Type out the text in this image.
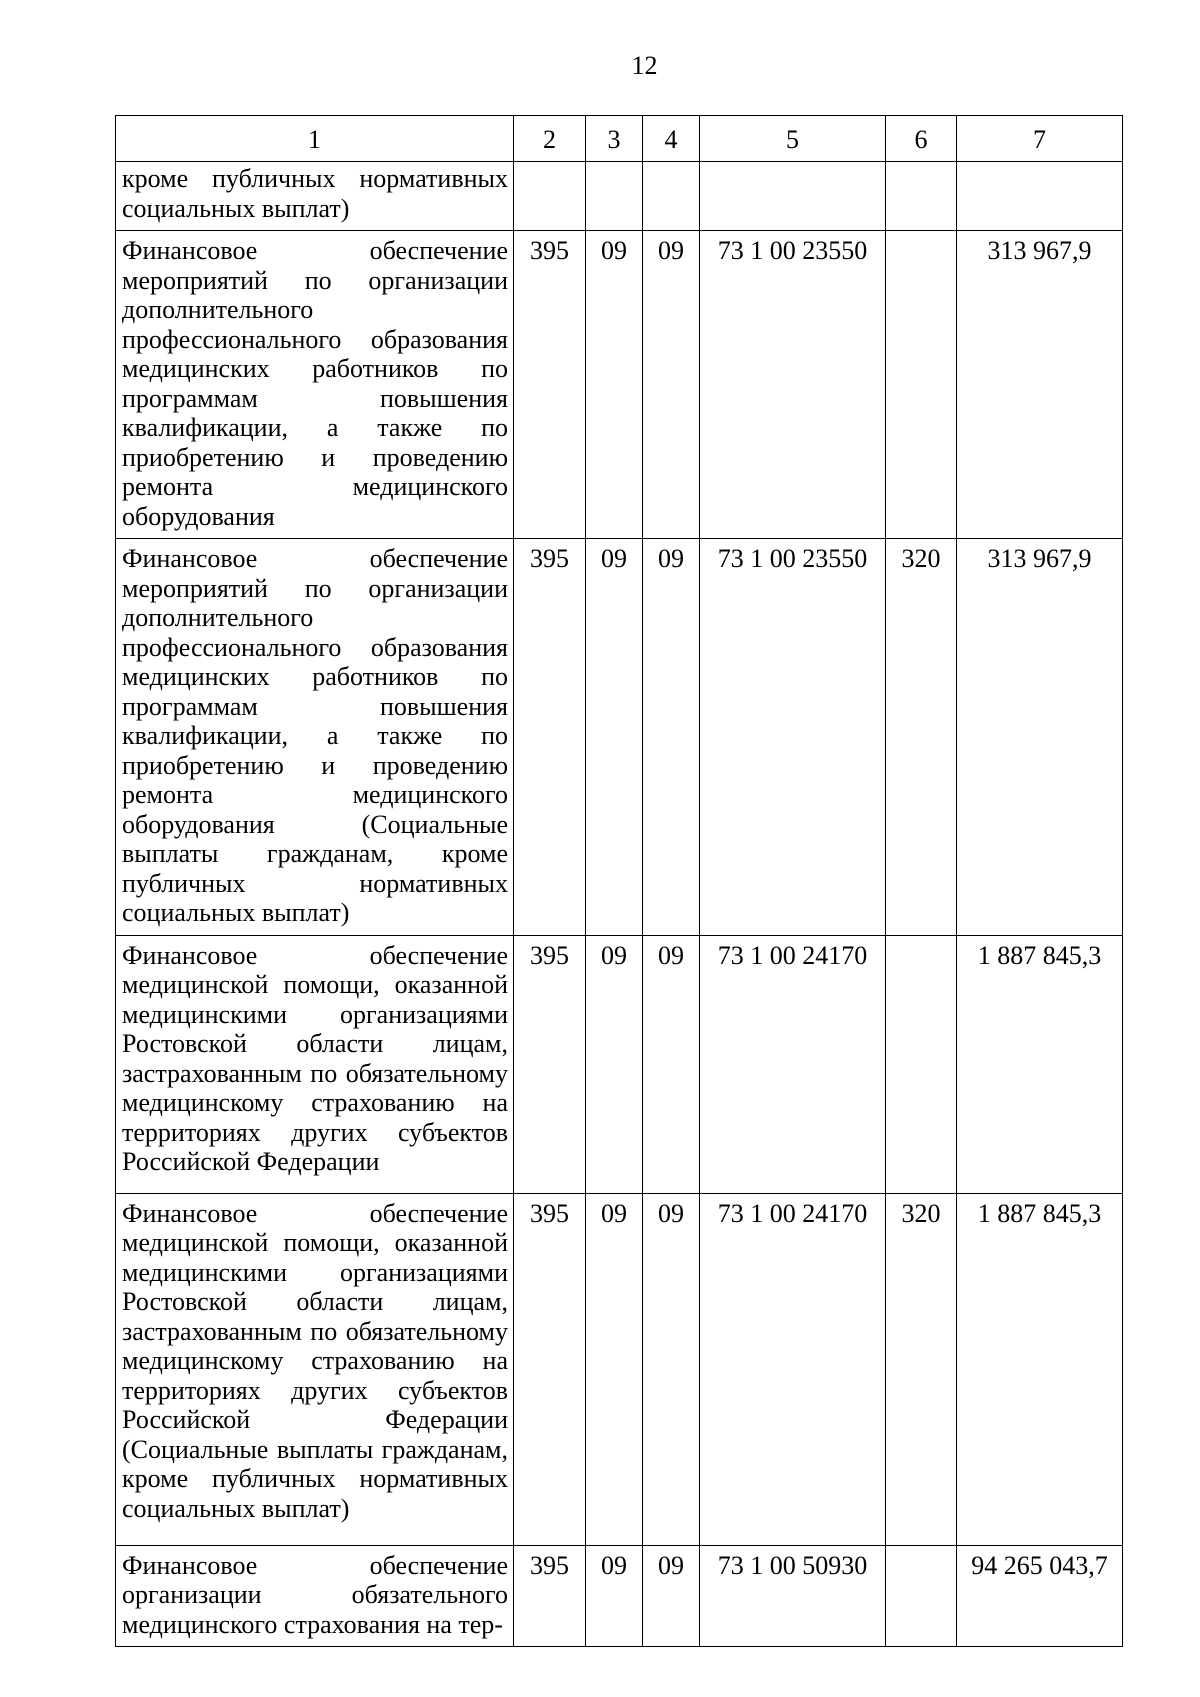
12
1	2	3	4	5	6	7
кроме публичных нормативных социальных выплат)						
Финансовое обеспечение мероприятий по организации дополнительного профессионального образования медицинских работников по программам повышения квалификации, а также по приобретению и проведению ремонта медицинского оборудования	395	09	09	73 1 00 23550		313 967,9
Финансовое обеспечение мероприятий по организации дополнительного профессионального образования медицинских работников по программам повышения квалификации, а также по приобретению и проведению ремонта медицинского оборудования (Социальные выплаты гражданам, кроме публичных нормативных социальных выплат)	395	09	09	73 1 00 23550	320	313 967,9
Финансовое обеспечение медицинской помощи, оказанной медицинскими организациями Ростовской области лицам, застрахованным по обязательному медицинскому страхованию на территориях других субъектов Российской Федерации	395	09	09	73 1 00 24170		1 887 845,3
Финансовое обеспечение медицинской помощи, оказанной медицинскими организациями Ростовской области лицам, застрахованным по обязательному медицинскому страхованию на территориях других субъектов Российской Федерации (Социальные выплаты гражданам, кроме публичных нормативных социальных выплат)	395	09	09	73 1 00 24170	320	1 887 845,3
Финансовое обеспечение организации обязательного медицинского страхования на тер-	395	09	09	73 1 00 50930		94 265 043,7
